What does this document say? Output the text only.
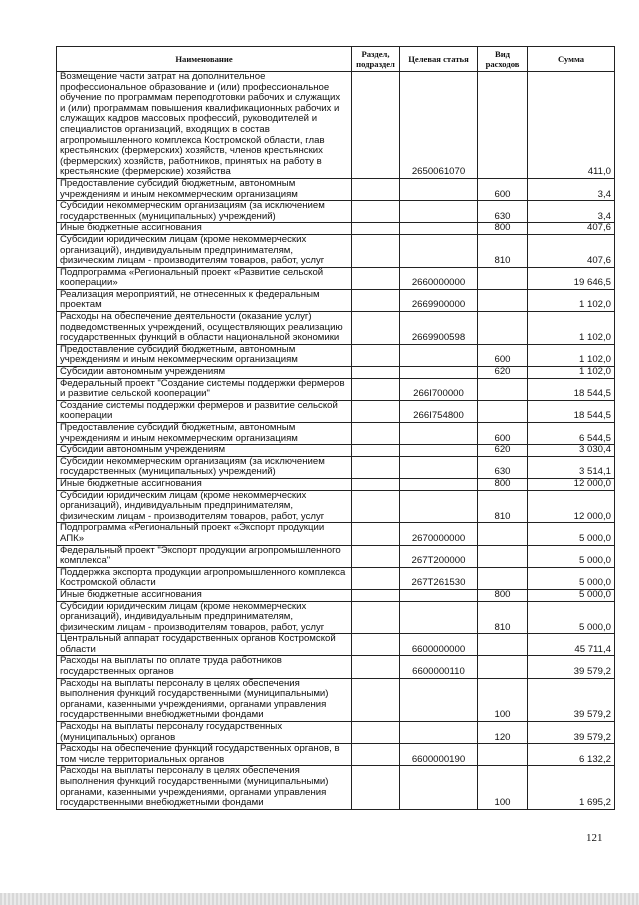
Наименование	Раздел, подраздел	Целевая статья	Вид расходов	Сумма
Возмещение части затрат на дополнительное профессиональное образование и (или) профессиональное обучение по программам переподготовки рабочих и служащих и (или) программам повышения квалификационных рабочих и служащих кадров массовых профессий, руководителей и специалистов организаций, входящих в состав агропромышленного комплекса Костромской области, глав крестьянских (фермерских) хозяйств, членов крестьянских (фермерских) хозяйств, работников, принятых на работу в крестьянские (фермерские) хозяйства		2650061070		411,0
Предоставление субсидий бюджетным, автономным учреждениям и иным некоммерческим организациям			600	3,4
Субсидии некоммерческим организациям (за исключением государственных (муниципальных) учреждений)			630	3,4
Иные бюджетные ассигнования			800	407,6
Субсидии юридическим лицам (кроме некоммерческих организаций), индивидуальным предпринимателям, физическим лицам - производителям товаров, работ, услуг			810	407,6
Подпрограмма «Региональный проект «Развитие сельской кооперации»		2660000000		19 646,5
Реализация мероприятий, не отнесенных к федеральным проектам		2669900000		1 102,0
Расходы на обеспечение деятельности (оказание услуг) подведомственных учреждений, осуществляющих реализацию государственных функций в области национальной экономики		2669900598		1 102,0
Предоставление субсидий бюджетным, автономным учреждениям и иным некоммерческим организациям			600	1 102,0
Субсидии автономным учреждениям			620	1 102,0
Федеральный проект "Создание системы поддержки фермеров и развитие сельской кооперации"		266I700000		18 544,5
Создание системы поддержки фермеров и развитие сельской кооперации		266I754800		18 544,5
Предоставление субсидий бюджетным, автономным учреждениям и иным некоммерческим организациям			600	6 544,5
Субсидии автономным учреждениям			620	3 030,4
Субсидии некоммерческим организациям (за исключением государственных (муниципальных) учреждений)			630	3 514,1
Иные бюджетные ассигнования			800	12 000,0
Субсидии юридическим лицам (кроме некоммерческих организаций), индивидуальным предпринимателям, физическим лицам - производителям товаров, работ, услуг			810	12 000,0
Подпрограмма «Региональный проект «Экспорт продукции АПК»		2670000000		5 000,0
Федеральный проект "Экспорт продукции агропромышленного комплекса"		267T200000		5 000,0
Поддержка экспорта продукции агропромышленного комплекса Костромской области		267T261530		5 000,0
Иные бюджетные ассигнования			800	5 000,0
Субсидии юридическим лицам (кроме некоммерческих организаций), индивидуальным предпринимателям, физическим лицам - производителям товаров, работ, услуг			810	5 000,0
Центральный аппарат государственных органов Костромской области		6600000000		45 711,4
Расходы на выплаты по оплате труда работников государственных органов		6600000110		39 579,2
Расходы на выплаты персоналу в целях обеспечения выполнения функций государственными (муниципальными) органами, казенными учреждениями, органами управления государственными внебюджетными фондами			100	39 579,2
Расходы на выплаты персоналу государственных (муниципальных) органов			120	39 579,2
Расходы на обеспечение функций государственных органов, в том числе территориальных органов		6600000190		6 132,2
Расходы на выплаты персоналу в целях обеспечения выполнения функций государственными (муниципальными) органами, казенными учреждениями, органами управления государственными внебюджетными фондами			100	1 695,2
121
